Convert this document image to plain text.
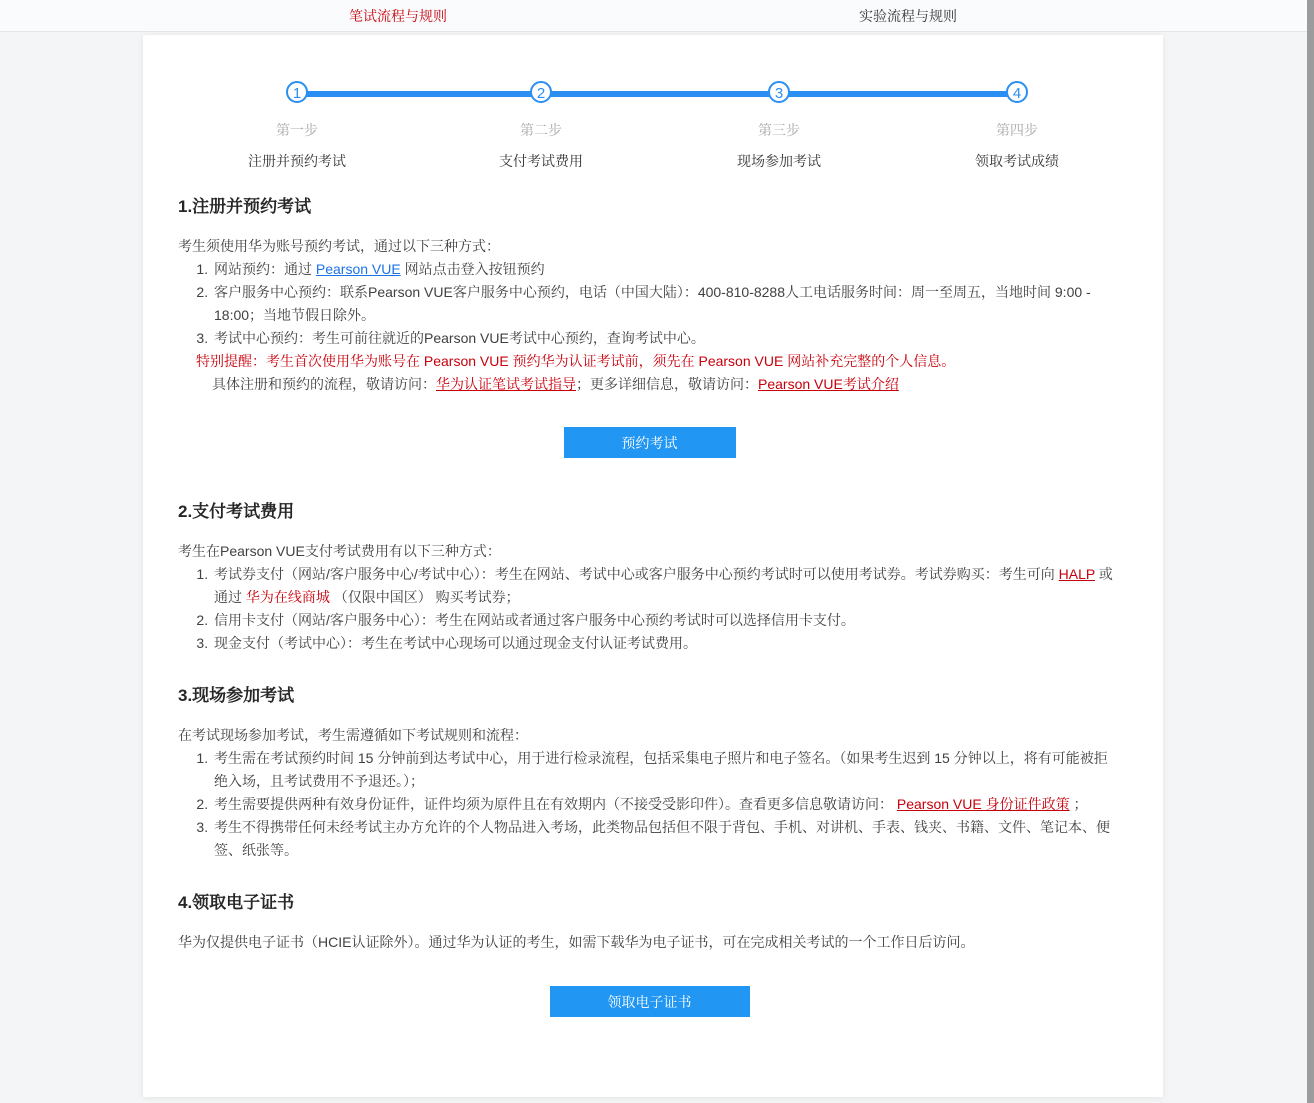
笔试流程与规则	实验流程与规则
1
第一步
注册并预约考试
2
第二步
支付考试费用
3
第三步
现场参加考试
4
第四步
领取考试成绩
1.注册并预约考试
考生须使用华为账号预约考试，通过以下三种方式：
1. 网站预约：通过 Pearson VUE 网站点击登入按钮预约
2. 客户服务中心预约：联系Pearson VUE客户服务中心预约，电话（中国大陆）：400-810-8288人工电话服务时间：周一至周五，当地时间 9:00 - 18:00；当地节假日除外。
3. 考试中心预约：考生可前往就近的Pearson VUE考试中心预约，查询考试中心。
特别提醒：考生首次使用华为账号在 Pearson VUE 预约华为认证考试前，须先在 Pearson VUE 网站补充完整的个人信息。
具体注册和预约的流程，敬请访问：华为认证笔试考试指导；更多详细信息，敬请访问：Pearson VUE考试介绍
预约考试
2.支付考试费用
考生在Pearson VUE支付考试费用有以下三种方式：
1. 考试券支付（网站/客户服务中心/考试中心）：考生在网站、考试中心或客户服务中心预约考试时可以使用考试券。考试券购买：考生可向 HALP 或通过 华为在线商城 （仅限中国区） 购买考试券；
2. 信用卡支付（网站/客户服务中心）：考生在网站或者通过客户服务中心预约考试时可以选择信用卡支付。
3. 现金支付（考试中心）：考生在考试中心现场可以通过现金支付认证考试费用。
3.现场参加考试
在考试现场参加考试，考生需遵循如下考试规则和流程：
1. 考生需在考试预约时间 15 分钟前到达考试中心，用于进行检录流程，包括采集电子照片和电子签名。（如果考生迟到 15 分钟以上，将有可能被拒绝入场，且考试费用不予退还。）；
2. 考生需要提供两种有效身份证件，证件均须为原件且在有效期内（不接受受影印件）。查看更多信息敬请访问： Pearson VUE 身份证件政策 ；
3. 考生不得携带任何未经考试主办方允许的个人物品进入考场，此类物品包括但不限于背包、手机、对讲机、手表、钱夹、书籍、文件、笔记本、便签、纸张等。
4.领取电子证书
华为仅提供电子证书（HCIE认证除外）。通过华为认证的考生，如需下载华为电子证书，可在完成相关考试的一个工作日后访问。
领取电子证书
